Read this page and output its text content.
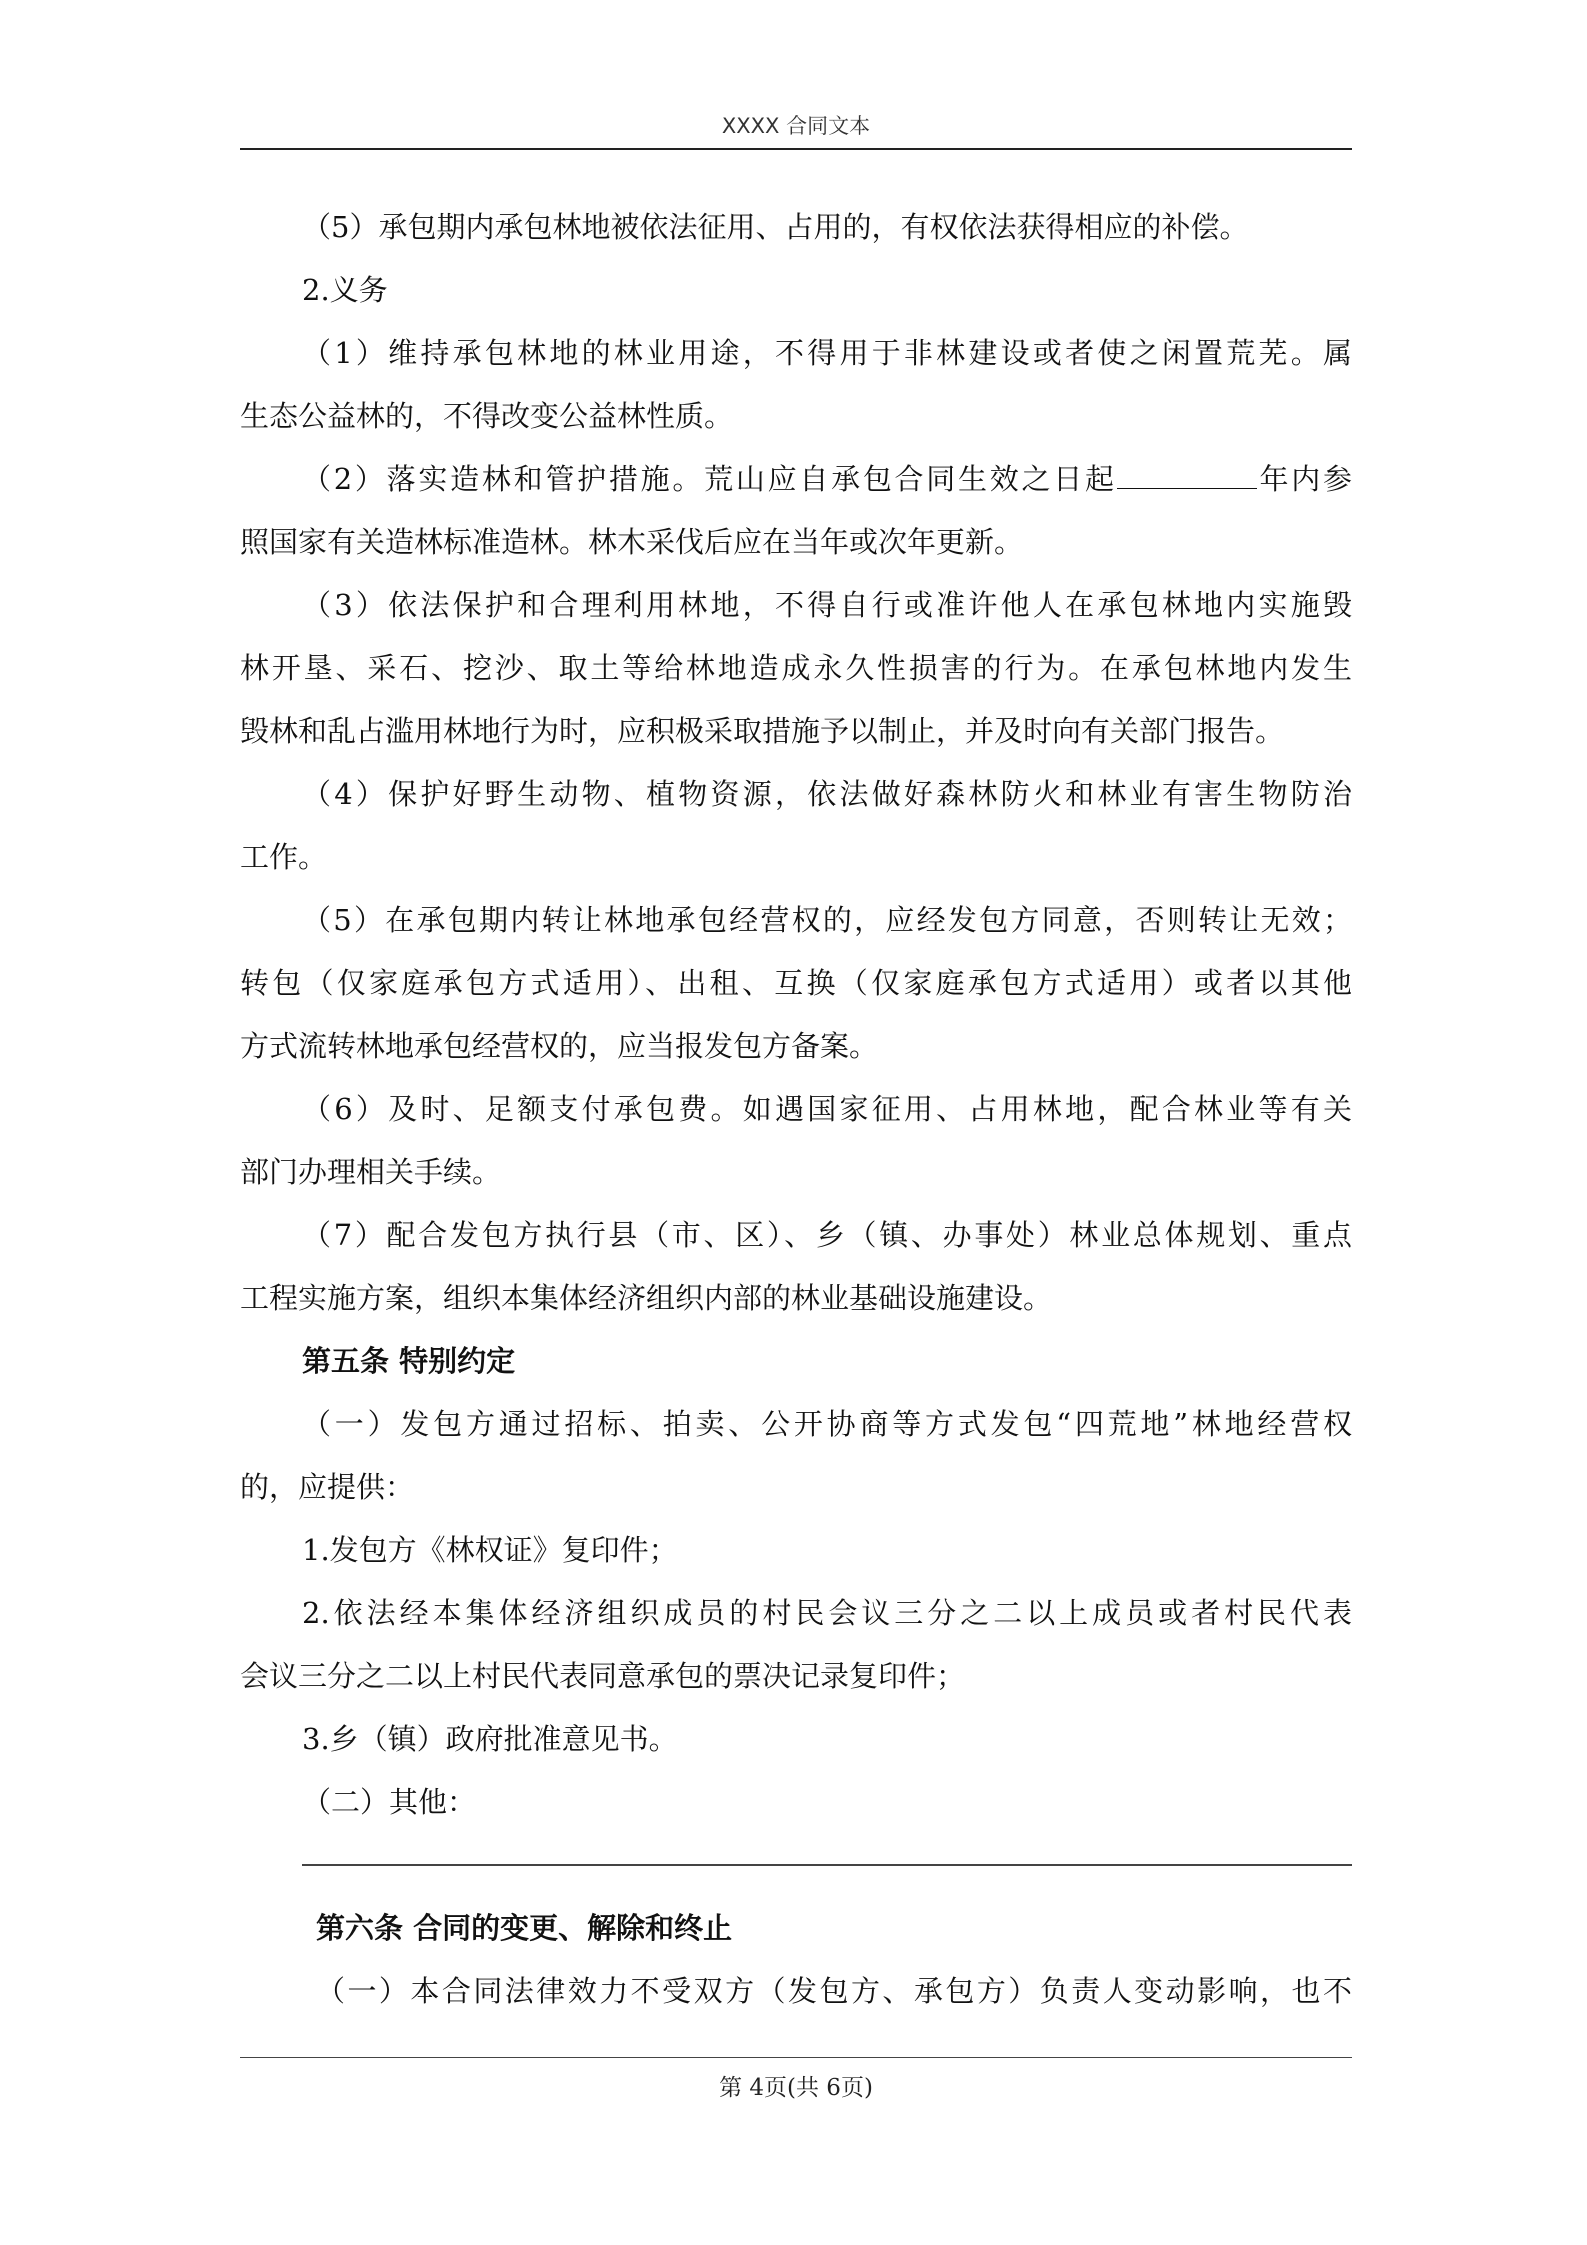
XXXX 合同文本

（5）承包期内承包林地被依法征用、占用的，有权依法获得相应的补偿。

2.义务

（1）维持承包林地的林业用途，不得用于非林建设或者使之闲置荒芜。属

生态公益林的，不得改变公益林性质。

（2）落实造林和管护措施。荒山应自承包合同生效之日起	年内参

照国家有关造林标准造林。林木采伐后应在当年或次年更新。

（3）依法保护和合理利用林地，不得自行或准许他人在承包林地内实施毁

林开垦、采石、挖沙、取土等给林地造成永久性损害的行为。在承包林地内发生

毁林和乱占滥用林地行为时，应积极采取措施予以制止，并及时向有关部门报告。

（4）保护好野生动物、植物资源，依法做好森林防火和林业有害生物防治

工作。

（5）在承包期内转让林地承包经营权的，应经发包方同意，否则转让无效；

转包（仅家庭承包方式适用）、出租、互换（仅家庭承包方式适用）或者以其他

方式流转林地承包经营权的，应当报发包方备案。

（6）及时、足额支付承包费。如遇国家征用、占用林地，配合林业等有关

部门办理相关手续。

（7）配合发包方执行县（市、区）、乡（镇、办事处）林业总体规划、重点

工程实施方案，组织本集体经济组织内部的林业基础设施建设。

第五条 特别约定

（一）发包方通过招标、拍卖、公开协商等方式发包“四荒地”林地经营权

的，应提供：

1.发包方《林权证》复印件；

2.依法经本集体经济组织成员的村民会议三分之二以上成员或者村民代表

会议三分之二以上村民代表同意承包的票决记录复印件；

3.乡（镇）政府批准意见书。

（二）其他：

第六条 合同的变更、解除和终止

（一）本合同法律效力不受双方（发包方、承包方）负责人变动影响，也不

第 4页(共 6页)
